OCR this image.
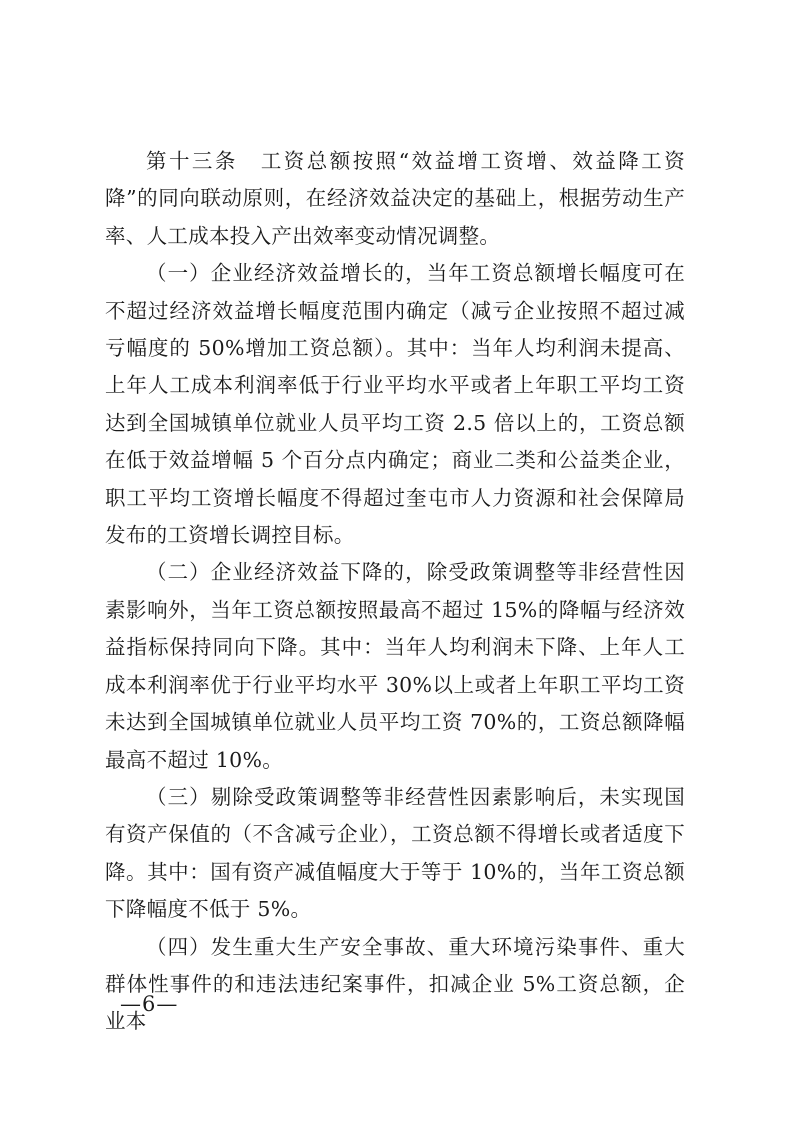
第十三条　工资总额按照“效益增工资增、效益降工资降”的同向联动原则，在经济效益决定的基础上，根据劳动生产率、人工成本投入产出效率变动情况调整。

（一）企业经济效益增长的，当年工资总额增长幅度可在不超过经济效益增长幅度范围内确定（减亏企业按照不超过减亏幅度的 50%增加工资总额）。其中：当年人均利润未提高、上年人工成本利润率低于行业平均水平或者上年职工平均工资达到全国城镇单位就业人员平均工资 2.5 倍以上的，工资总额在低于效益增幅 5 个百分点内确定；商业二类和公益类企业，职工平均工资增长幅度不得超过奎屯市人力资源和社会保障局发布的工资增长调控目标。

（二）企业经济效益下降的，除受政策调整等非经营性因素影响外，当年工资总额按照最高不超过 15%的降幅与经济效益指标保持同向下降。其中：当年人均利润未下降、上年人工成本利润率优于行业平均水平 30%以上或者上年职工平均工资未达到全国城镇单位就业人员平均工资 70%的，工资总额降幅最高不超过 10%。

（三）剔除受政策调整等非经营性因素影响后，未实现国有资产保值的（不含减亏企业），工资总额不得增长或者适度下降。其中：国有资产减值幅度大于等于 10%的，当年工资总额下降幅度不低于 5%。

（四）发生重大生产安全事故、重大环境污染事件、重大群体性事件的和违法违纪案事件，扣减企业 5%工资总额，企业本

—6—
